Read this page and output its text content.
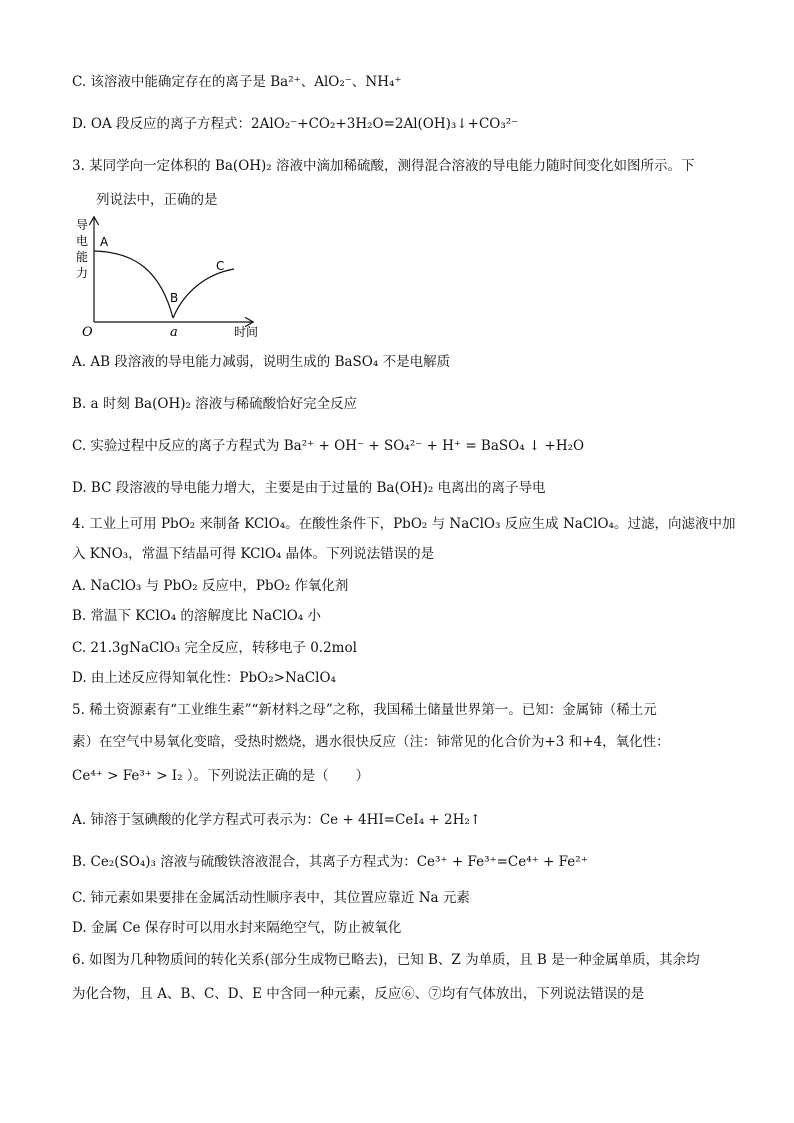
C. 该溶液中能确定存在的离子是 Ba²⁺、AlO₂⁻、NH₄⁺
D. OA 段反应的离子方程式：2AlO₂⁻+CO₂+3H₂O=2Al(OH)₃↓+CO₃²⁻
3. 某同学向一定体积的 Ba(OH)₂ 溶液中滴加稀硫酸，测得混合溶液的导电能力随时间变化如图所示。下
列说法中，正确的是
导
电
能
力
A
B
C
O	a	时间
A. AB 段溶液的导电能力减弱，说明生成的 BaSO₄ 不是电解质
B. a 时刻 Ba(OH)₂ 溶液与稀硫酸恰好完全反应
C. 实验过程中反应的离子方程式为 Ba²⁺ + OH⁻ + SO₄²⁻ + H⁺ = BaSO₄ ↓ +H₂O
D. BC 段溶液的导电能力增大，主要是由于过量的 Ba(OH)₂ 电离出的离子导电
4. 工业上可用 PbO₂ 来制备 KClO₄。在酸性条件下，PbO₂ 与 NaClO₃ 反应生成 NaClO₄。过滤，向滤液中加
入 KNO₃，常温下结晶可得 KClO₄ 晶体。下列说法错误的是
A. NaClO₃ 与 PbO₂ 反应中，PbO₂ 作氧化剂
B. 常温下 KClO₄ 的溶解度比 NaClO₄ 小
C. 21.3gNaClO₃ 完全反应，转移电子 0.2mol
D. 由上述反应得知氧化性：PbO₂>NaClO₄
5. 稀土资源素有“工业维生素”“新材料之母”之称，我国稀土储量世界第一。已知：金属铈（稀土元
素）在空气中易氧化变暗，受热时燃烧，遇水很快反应（注：铈常见的化合价为+3 和+4，氧化性：
Ce⁴⁺ > Fe³⁺ > I₂ ）。下列说法正确的是（　　）
A. 铈溶于氢碘酸的化学方程式可表示为：Ce + 4HI=CeI₄ + 2H₂↑
B. Ce₂(SO₄)₃ 溶液与硫酸铁溶液混合，其离子方程式为：Ce³⁺ + Fe³⁺=Ce⁴⁺ + Fe²⁺
C. 铈元素如果要排在金属活动性顺序表中，其位置应靠近 Na 元素
D. 金属 Ce 保存时可以用水封来隔绝空气，防止被氧化
6. 如图为几种物质间的转化关系(部分生成物已略去)，已知 B、Z 为单质，且 B 是一种金属单质，其余均
为化合物，且 A、B、C、D、E 中含同一种元素，反应⑥、⑦均有气体放出，下列说法错误的是
